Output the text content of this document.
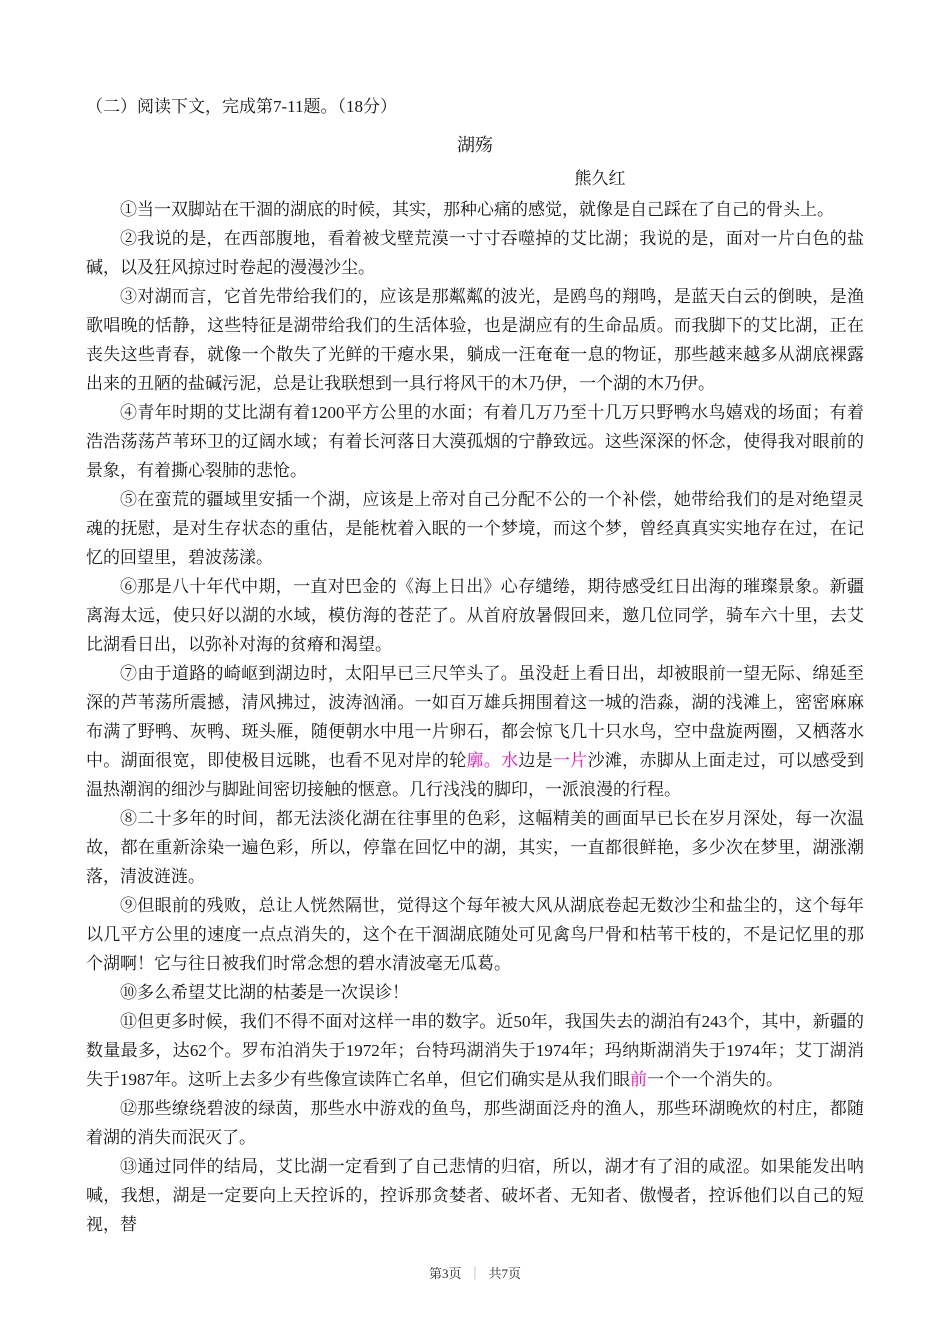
（二）阅读下文，完成第7-11题。（18分）

湖殇

熊久红

①当一双脚站在干涸的湖底的时候，其实，那种心痛的感觉，就像是自己踩在了自己的骨头上。

②我说的是，在西部腹地，看着被戈壁荒漠一寸寸吞噬掉的艾比湖；我说的是，面对一片白色的盐碱，以及狂风掠过时卷起的漫漫沙尘。

③对湖而言，它首先带给我们的，应该是那粼粼的波光，是鸥鸟的翔鸣，是蓝天白云的倒映，是渔歌唱晚的恬静，这些特征是湖带给我们的生活体验，也是湖应有的生命品质。而我脚下的艾比湖，正在丧失这些青春，就像一个散失了光鲜的干瘪水果，躺成一汪奄奄一息的物证，那些越来越多从湖底裸露出来的丑陋的盐碱污泥，总是让我联想到一具行将风干的木乃伊，一个湖的木乃伊。

④青年时期的艾比湖有着1200平方公里的水面；有着几万乃至十几万只野鸭水鸟嬉戏的场面；有着浩浩荡荡芦苇环卫的辽阔水域；有着长河落日大漠孤烟的宁静致远。这些深深的怀念，使得我对眼前的景象，有着撕心裂肺的悲怆。

⑤在蛮荒的疆域里安插一个湖，应该是上帝对自己分配不公的一个补偿，她带给我们的是对绝望灵魂的抚慰，是对生存状态的重估，是能枕着入眠的一个梦境，而这个梦，曾经真真实实地存在过，在记忆的回望里，碧波荡漾。

⑥那是八十年代中期，一直对巴金的《海上日出》心存缱绻，期待感受红日出海的璀璨景象。新疆离海太远，使只好以湖的水域，模仿海的苍茫了。从首府放暑假回来，邀几位同学，骑车六十里，去艾比湖看日出，以弥补对海的贫瘠和渴望。

⑦由于道路的崎岖到湖边时，太阳早已三尺竿头了。虽没赶上看日出，却被眼前一望无际、绵延至深的芦苇荡所震撼，清风拂过，波涛汹涌。一如百万雄兵拥围着这一城的浩淼，湖的浅滩上，密密麻麻布满了野鸭、灰鸭、斑头雁，随便朝水中甩一片卵石，都会惊飞几十只水鸟，空中盘旋两圈，又栖落水中。湖面很宽，即使极目远眺，也看不见对岸的轮廓。水边是一片沙滩，赤脚从上面走过，可以感受到温热潮润的细沙与脚趾间密切接触的惬意。几行浅浅的脚印，一派浪漫的行程。

⑧二十多年的时间，都无法淡化湖在往事里的色彩，这幅精美的画面早已长在岁月深处，每一次温故，都在重新涂染一遍色彩，所以，停靠在回忆中的湖，其实，一直都很鲜艳，多少次在梦里，湖涨潮落，清波涟涟。

⑨但眼前的残败，总让人恍然隔世，觉得这个每年被大风从湖底卷起无数沙尘和盐尘的，这个每年以几平方公里的速度一点点消失的，这个在干涸湖底随处可见禽鸟尸骨和枯苇干枝的，不是记忆里的那个湖啊！它与往日被我们时常念想的碧水清波毫无瓜葛。

⑩多么希望艾比湖的枯萎是一次误诊！

⑪但更多时候，我们不得不面对这样一串的数字。近50年，我国失去的湖泊有243个，其中，新疆的数量最多，达62个。罗布泊消失于1972年；台特玛湖消失于1974年；玛纳斯湖消失于1974年；艾丁湖消失于1987年。这听上去多少有些像宣读阵亡名单，但它们确实是从我们眼前一个一个消失的。

⑫那些缭绕碧波的绿茵，那些水中游戏的鱼鸟，那些湖面泛舟的渔人，那些环湖晚炊的村庄，都随着湖的消失而泯灭了。

⑬通过同伴的结局，艾比湖一定看到了自己悲情的归宿，所以，湖才有了泪的咸涩。如果能发出呐喊，我想，湖是一定要向上天控诉的，控诉那贪婪者、破坏者、无知者、傲慢者，控诉他们以自己的短视，替

第3页 ｜ 共7页
